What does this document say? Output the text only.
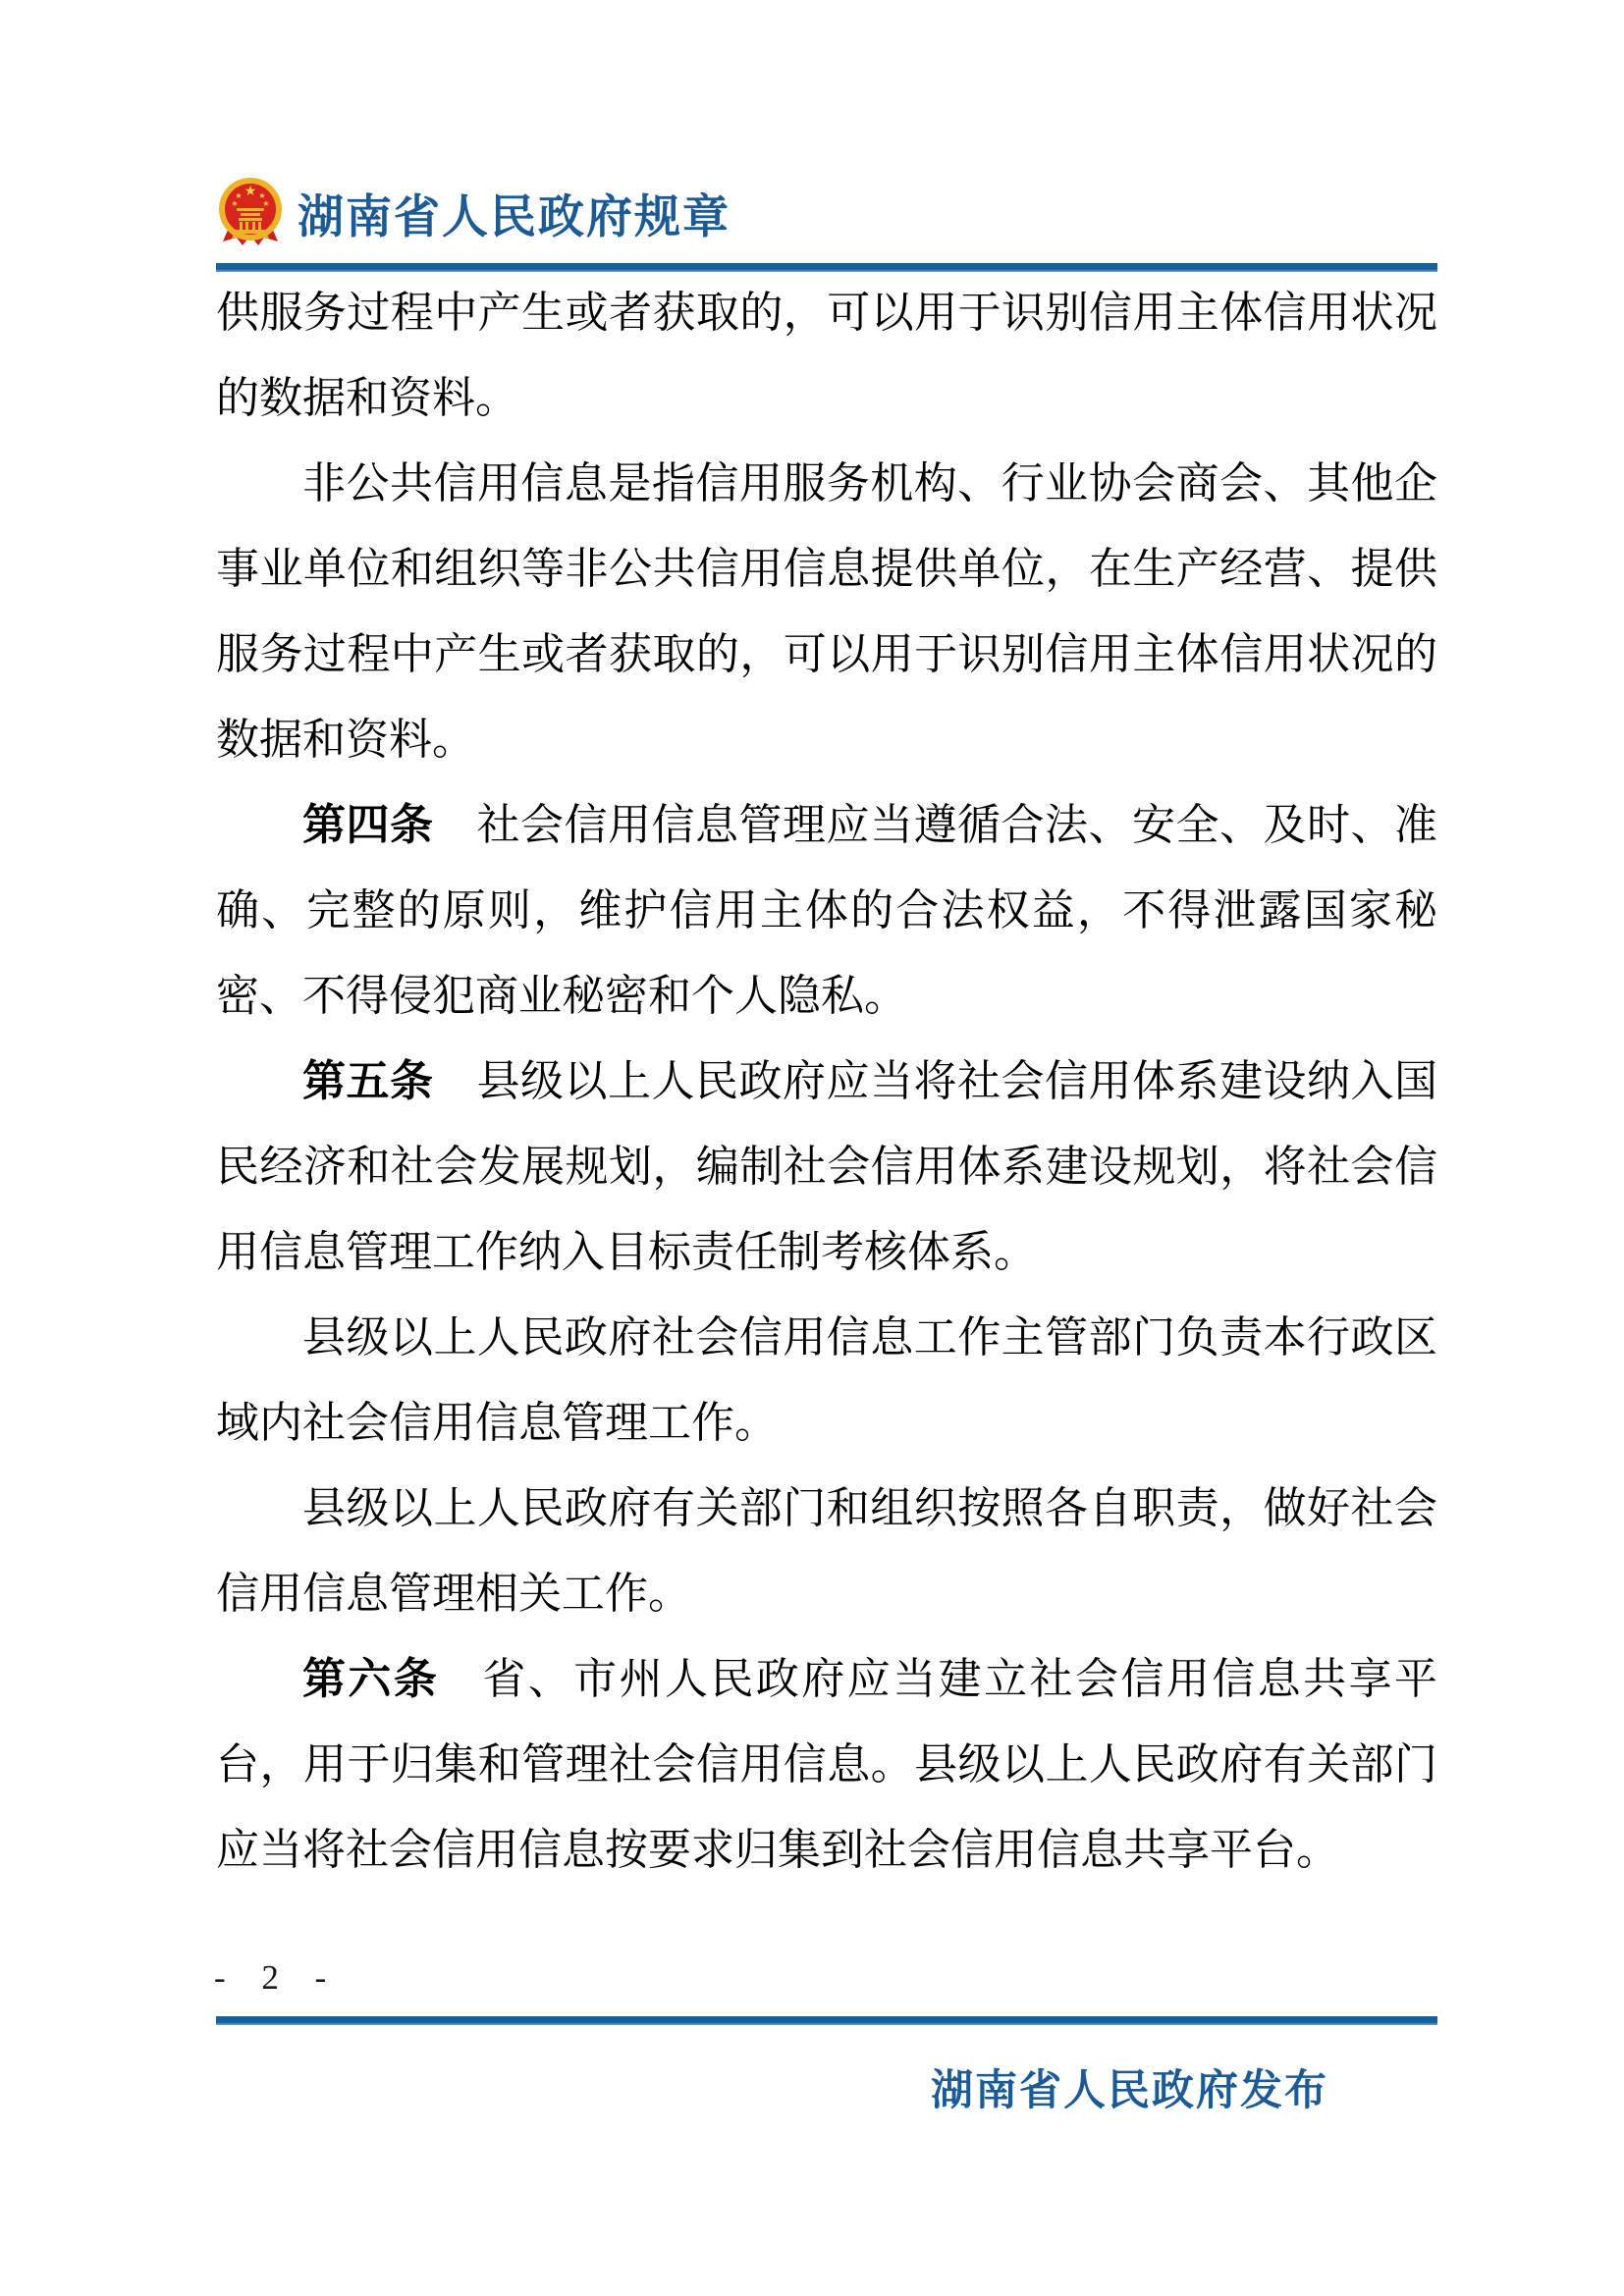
★
★ ★
★	★ 湖南省人民政府规章

供服务过程中产生或者获取的，可以用于识别信用主体信用状况的数据和资料。

非公共信用信息是指信用服务机构、行业协会商会、其他企事业单位和组织等非公共信用信息提供单位，在生产经营、提供服务过程中产生或者获取的，可以用于识别信用主体信用状况的数据和资料。

第四条 社会信用信息管理应当遵循合法、安全、及时、准确、完整的原则，维护信用主体的合法权益，不得泄露国家秘密、不得侵犯商业秘密和个人隐私。

第五条 县级以上人民政府应当将社会信用体系建设纳入国民经济和社会发展规划，编制社会信用体系建设规划，将社会信用信息管理工作纳入目标责任制考核体系。

县级以上人民政府社会信用信息工作主管部门负责本行政区域内社会信用信息管理工作。

县级以上人民政府有关部门和组织按照各自职责，做好社会信用信息管理相关工作。

第六条 省、市州人民政府应当建立社会信用信息共享平台，用于归集和管理社会信用信息。县级以上人民政府有关部门应当将社会信用信息按要求归集到社会信用信息共享平台。

- 2 -
湖南省人民政府发布
